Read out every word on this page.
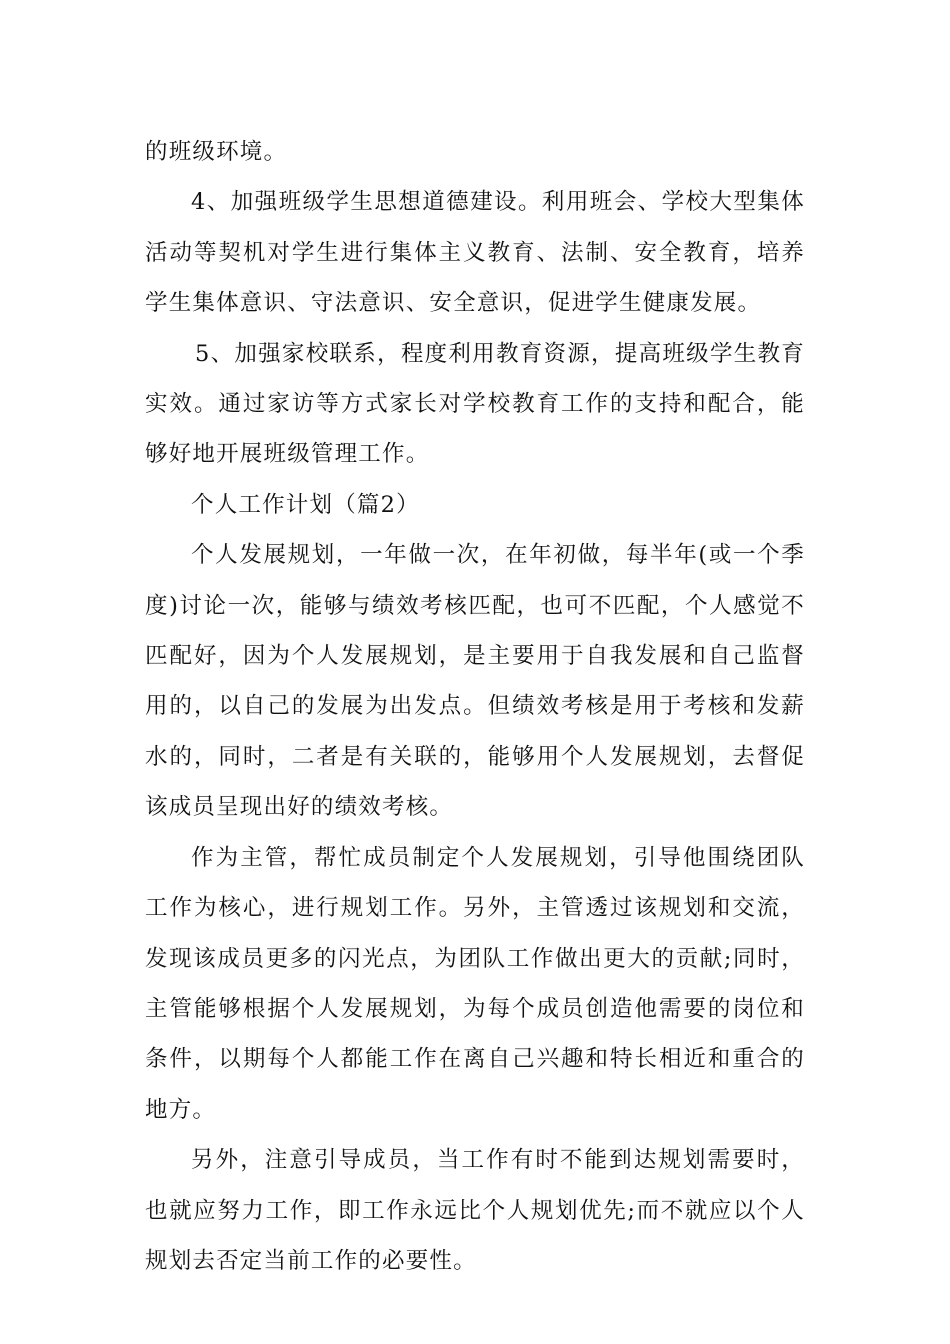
的班级环境。

4、加强班级学生思想道德建设。利用班会、学校大型集体活动等契机对学生进行集体主义教育、法制、安全教育，培养学生集体意识、守法意识、安全意识，促进学生健康发展。

5、加强家校联系，程度利用教育资源，提高班级学生教育实效。通过家访等方式家长对学校教育工作的支持和配合，能够好地开展班级管理工作。

个人工作计划（篇2）

个人发展规划，一年做一次，在年初做，每半年(或一个季度)讨论一次，能够与绩效考核匹配，也可不匹配，个人感觉不匹配好，因为个人发展规划，是主要用于自我发展和自己监督用的，以自己的发展为出发点。但绩效考核是用于考核和发薪水的，同时，二者是有关联的，能够用个人发展规划，去督促该成员呈现出好的绩效考核。

作为主管，帮忙成员制定个人发展规划，引导他围绕团队工作为核心，进行规划工作。另外，主管透过该规划和交流，发现该成员更多的闪光点，为团队工作做出更大的贡献;同时，主管能够根据个人发展规划，为每个成员创造他需要的岗位和条件，以期每个人都能工作在离自己兴趣和特长相近和重合的地方。

另外，注意引导成员，当工作有时不能到达规划需要时，也就应努力工作，即工作永远比个人规划优先;而不就应以个人规划去否定当前工作的必要性。
